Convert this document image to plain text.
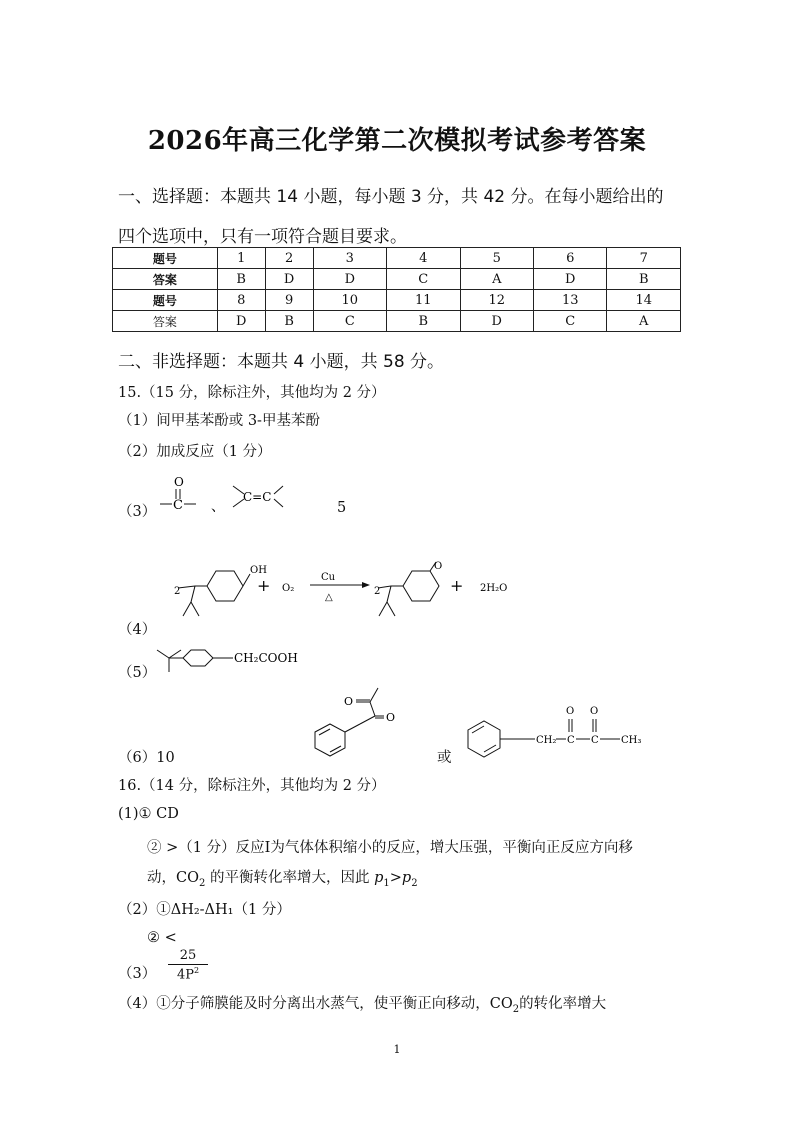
2026年高三化学第二次模拟考试参考答案
一、选择题：本题共 14 小题，每小题 3 分，共 42 分。在每小题给出的四个选项中，只有一项符合题目要求。
题号	1	2	3	4	5	6	7
答案	B	D	D	C	A	D	B
题号	8	9	10	11	12	13	14
答案	D	B	C	B	D	C	A
二、非选择题：本题共 4 小题，共 58 分。
15.（15 分，除标注外，其他均为 2 分）
（1）间甲基苯酚或 3-甲基苯酚
（2）加成反应（1 分）
（3）
O
C 、
C=C
5
（4）
2
OH
+ O₂
Cu
△
2
O
+ 2H₂O
（5）
CH₂COOH
（6）10
O
O
或
CH₂ C
O
C
O
CH₃
16.（14 分，除标注外，其他均为 2 分）
(1)① CD
② >（1 分）反应Ⅰ为气体体积缩小的反应，增大压强，平衡向正反应方向移
动，$CO_2$ 的平衡转化率增大，因此 $p_1>p_2$
（2）①ΔH₂-ΔH₁（1 分）
② <
$(3) \frac{25}{4P^2}$
（4）①分子筛膜能及时分离出水蒸气，使平衡正向移动，$CO_2$的转化率增大
1
